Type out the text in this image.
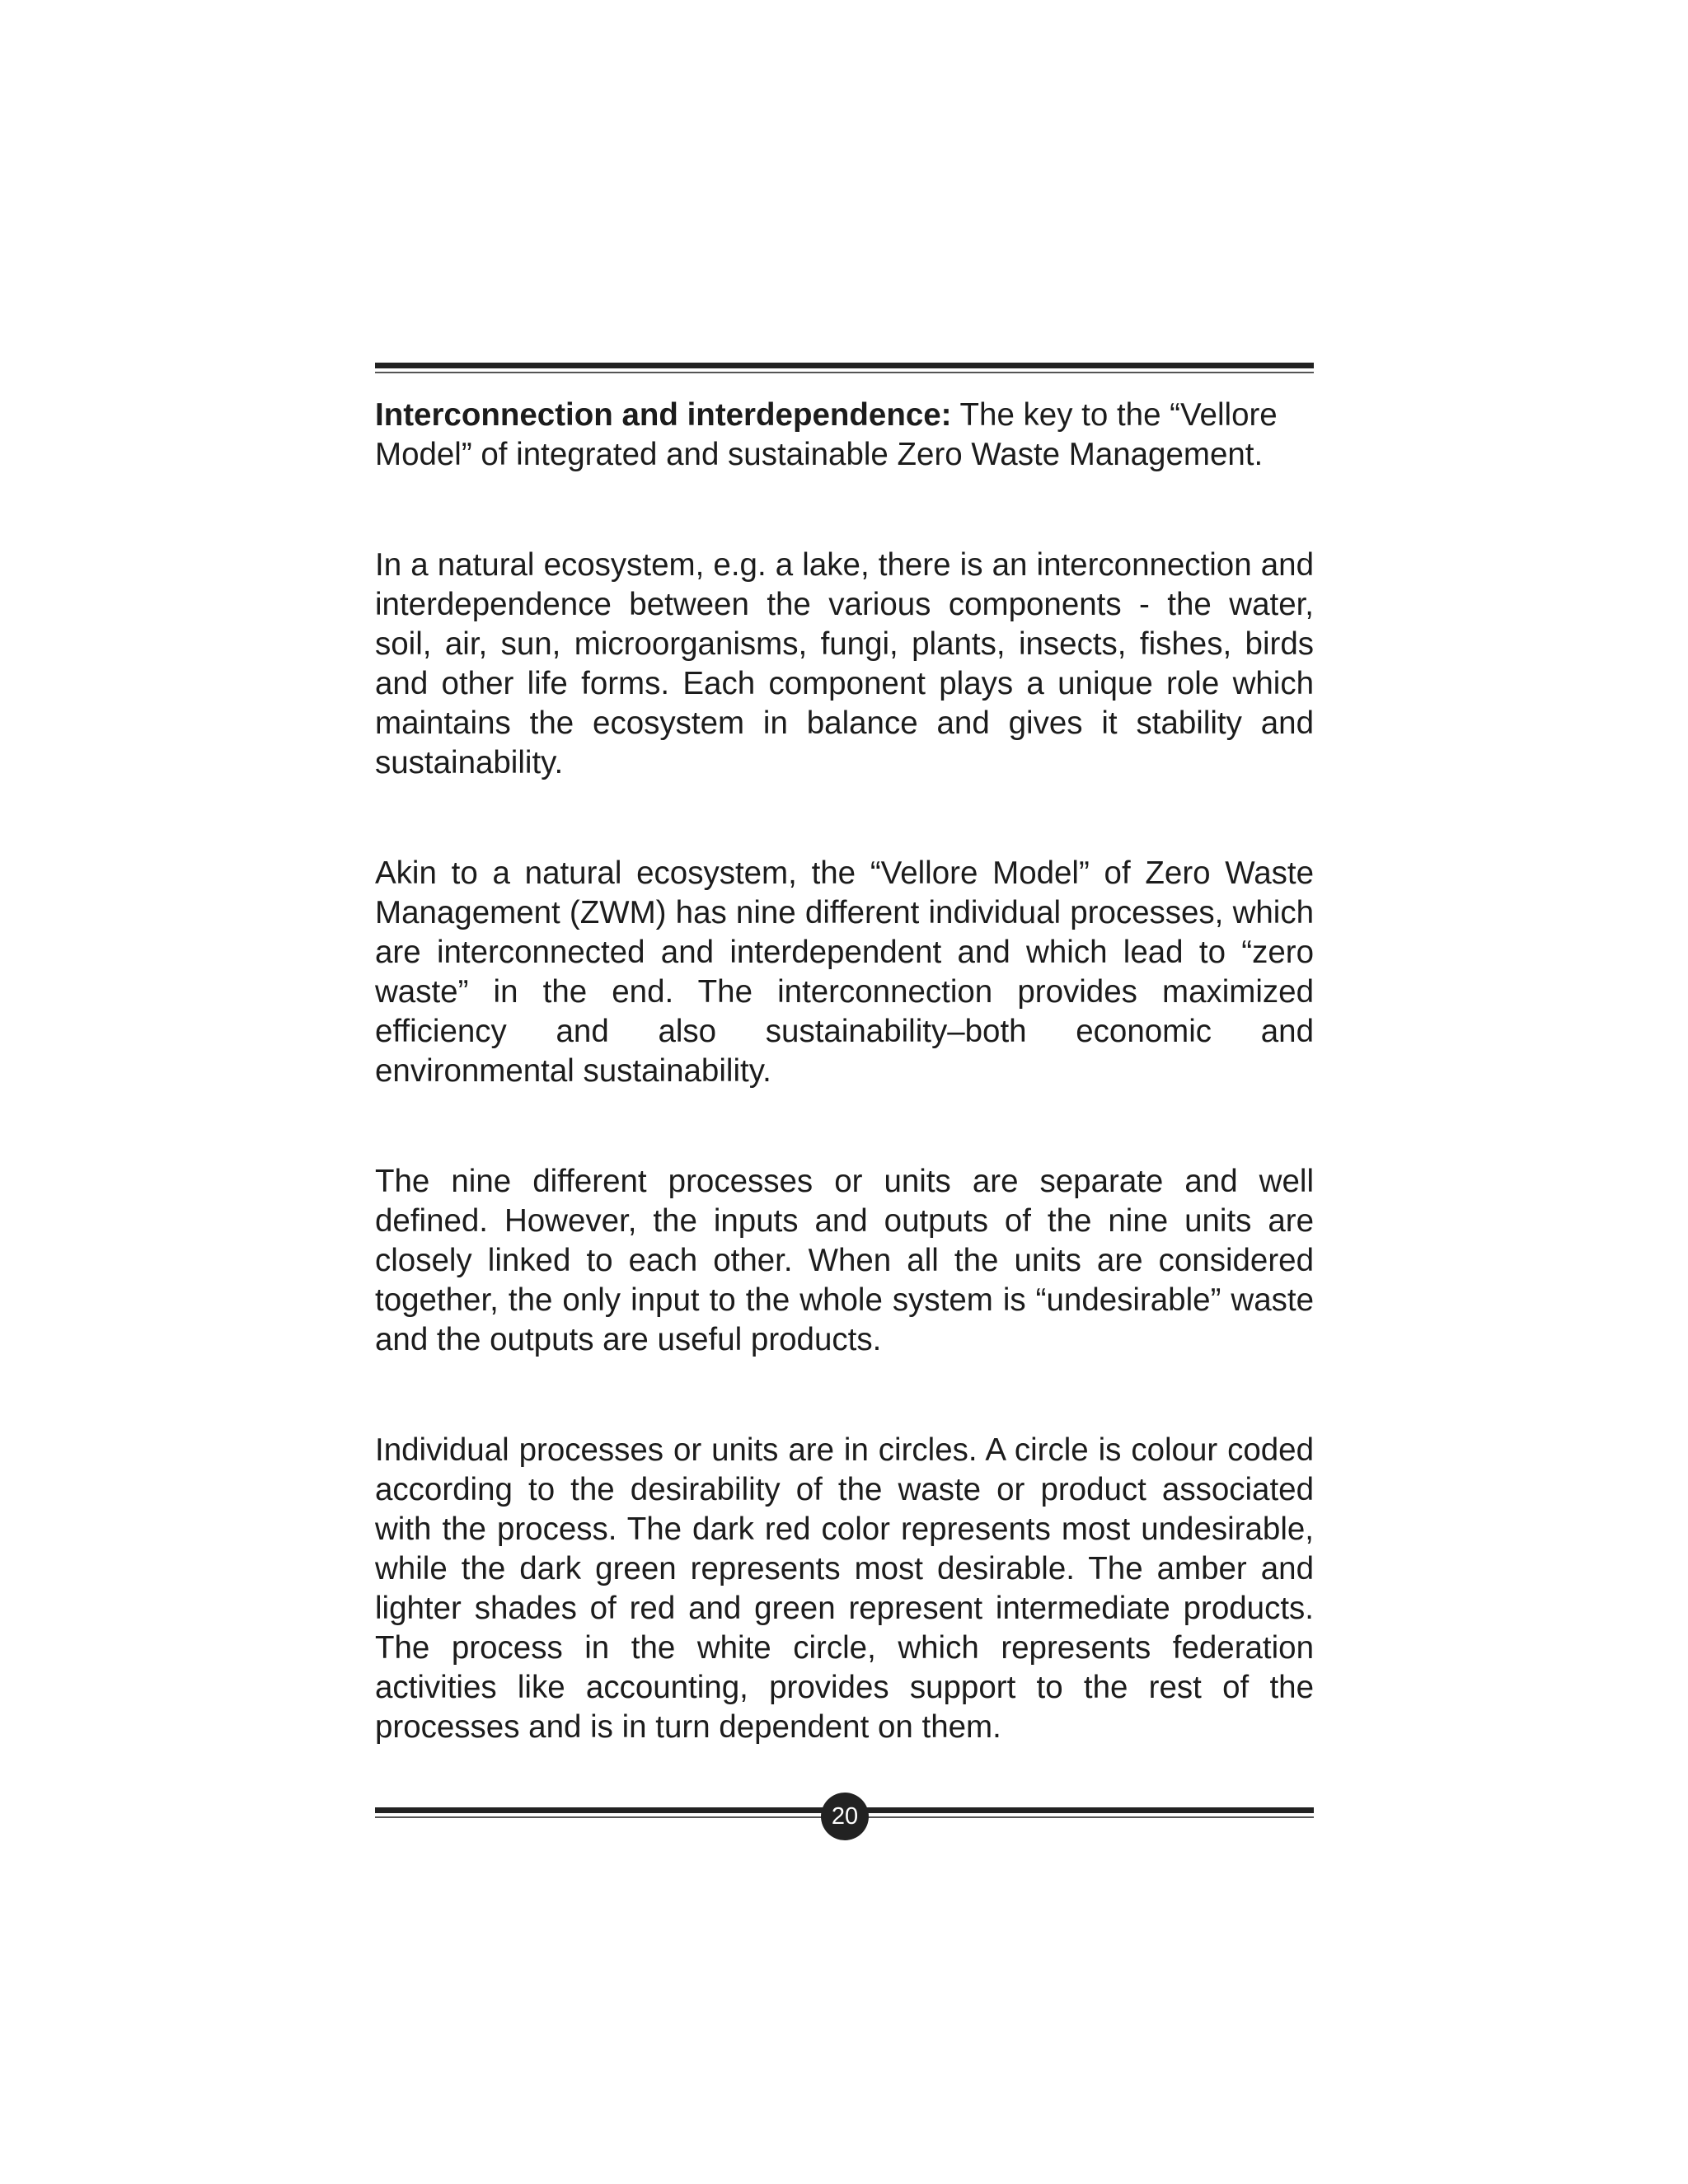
Interconnection and interdependence: The key to the “Vellore Model” of integrated and sustainable Zero Waste Management.

In a natural ecosystem, e.g. a lake, there is an interconnection and interdependence between the various components - the water, soil, air, sun, microorganisms, fungi, plants, insects, fishes, birds and other life forms. Each component plays a unique role which maintains the ecosystem in balance and gives it stability and sustainability.

Akin to a natural ecosystem, the “Vellore Model” of Zero Waste Management (ZWM) has nine different individual processes, which are interconnected and interdependent and which lead to “zero waste” in the end. The interconnection provides maximized efficiency and also sustainability–both economic and environmental sustainability.

The nine different processes or units are separate and well defined. However, the inputs and outputs of the nine units are closely linked to each other. When all the units are considered together, the only input to the whole system is “undesirable” waste and the outputs are useful products.

Individual processes or units are in circles. A circle is colour coded according to the desirability of the waste or product associated with the process. The dark red color represents most undesirable, while the dark green represents most desirable. The amber and lighter shades of red and green represent intermediate products. The process in the white circle, which represents federation activities like accounting, provides support to the rest of the processes and is in turn dependent on them.

20
